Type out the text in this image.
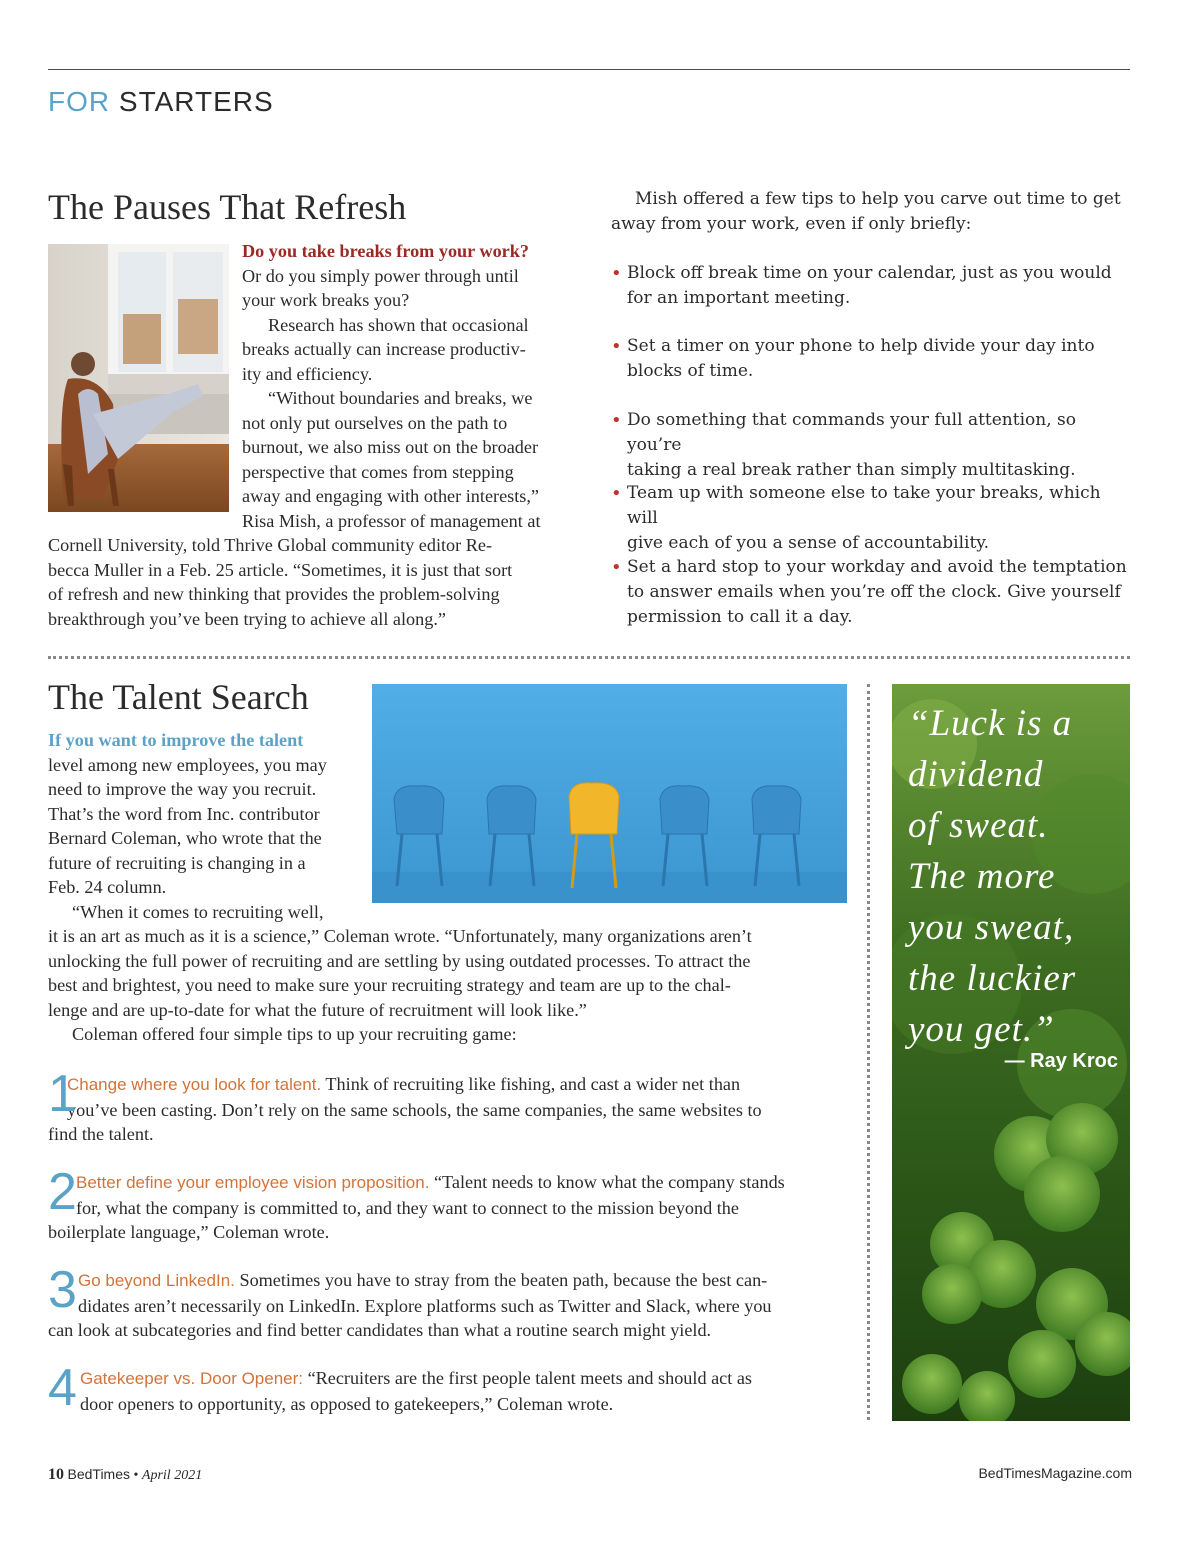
FOR STARTERS
The Pauses That Refresh
Do you take breaks from your work?
Or do you simply power through until
your work breaks you?
Research has shown that occasional
breaks actually can increase productiv-
ity and efficiency.
“Without boundaries and breaks, we
not only put ourselves on the path to
burnout, we also miss out on the broader
perspective that comes from stepping
away and engaging with other interests,”
Risa Mish, a professor of management at
Cornell University, told Thrive Global community editor Re-
becca Muller in a Feb. 25 article. “Sometimes, it is just that sort
of refresh and new thinking that provides the problem-solving
breakthrough you’ve been trying to achieve all along.”
Mish offered a few tips to help you carve out time to get
away from your work, even if only briefly:
• Block off break time on your calendar, just as you would
for an important meeting.
• Set a timer on your phone to help divide your day into
blocks of time.
• Do something that commands your full attention, so you’re
taking a real break rather than simply multitasking.
• Team up with someone else to take your breaks, which will
give each of you a sense of accountability.
• Set a hard stop to your workday and avoid the temptation
to answer emails when you’re off the clock. Give yourself
permission to call it a day.
The Talent Search
If you want to improve the talent
level among new employees, you may
need to improve the way you recruit.
That’s the word from Inc. contributor
Bernard Coleman, who wrote that the
future of recruiting is changing in a
Feb. 24 column.
“When it comes to recruiting well,
it is an art as much as it is a science,” Coleman wrote. “Unfortunately, many organizations aren’t
unlocking the full power of recruiting and are settling by using outdated processes. To attract the
best and brightest, you need to make sure your recruiting strategy and team are up to the chal-
lenge and are up-to-date for what the future of recruitment will look like.”
Coleman offered four simple tips to up your recruiting game:
1
Change where you look for talent. Think of recruiting like fishing, and cast a wider net than
you’ve been casting. Don’t rely on the same schools, the same companies, the same websites to
find the talent.
2 Better define your employee vision proposition. “Talent needs to know what the company stands
for, what the company is committed to, and they want to connect to the mission beyond the
boilerplate language,” Coleman wrote.
3 Go beyond LinkedIn. Sometimes you have to stray from the beaten path, because the best can-
didates aren’t necessarily on LinkedIn. Explore platforms such as Twitter and Slack, where you
can look at subcategories and find better candidates than what a routine search might yield.
4 Gatekeeper vs. Door Opener: “Recruiters are the first people talent meets and should act as
door openers to opportunity, as opposed to gatekeepers,” Coleman wrote.
“Luck is a
dividend
of sweat.
The more
you sweat,
the luckier
you get.”
— Ray Kroc
10 BedTimes • April 2021	BedTimesMagazine.com
